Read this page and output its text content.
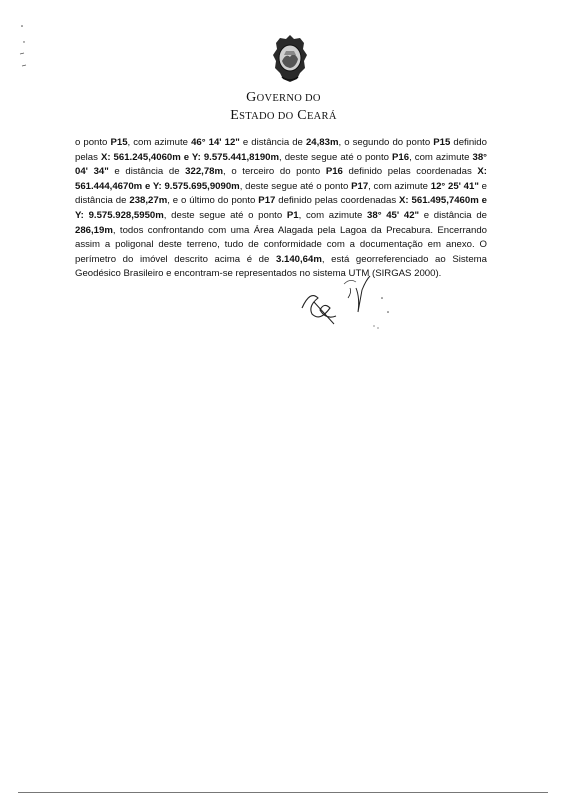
GOVERNO DO
ESTADO DO CEARÁ
o ponto P15, com azimute 46° 14' 12" e distância de 24,83m, o segundo do ponto P15 definido pelas X: 561.245,4060m e Y: 9.575.441,8190m, deste segue até o ponto P16, com azimute 38° 04' 34" e distância de 322,78m, o terceiro do ponto P16 definido pelas coordenadas X: 561.444,4670m e Y: 9.575.695,9090m, deste segue até o ponto P17, com azimute 12° 25' 41" e distância de 238,27m, e o último do ponto P17 definido pelas coordenadas X: 561.495,7460m e Y: 9.575.928,5950m, deste segue até o ponto P1, com azimute 38° 45' 42" e distância de 286,19m, todos confrontando com uma Área Alagada pela Lagoa da Precabura. Encerrando assim a poligonal deste terreno, tudo de conformidade com a documentação em anexo. O perímetro do imóvel descrito acima é de 3.140,64m, está georreferenciado ao Sistema Geodésico Brasileiro e encontram-se representados no sistema UTM (SIRGAS 2000).
